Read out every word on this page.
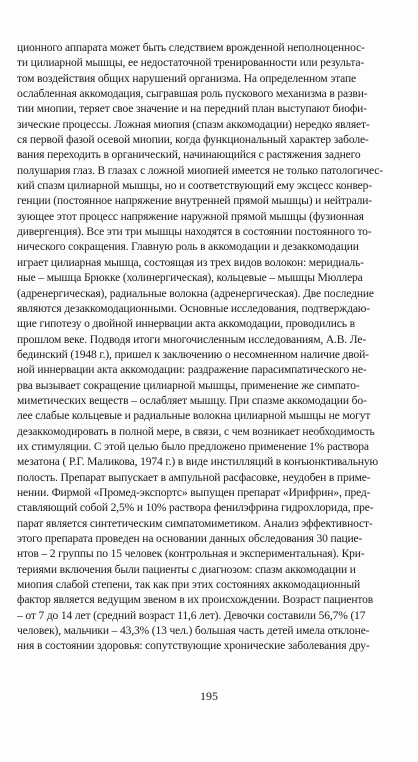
ционного аппарата может быть следствием врожденной неполноценнос-
ти цилиарной мышцы, ее недостаточной тренированности или результа-
том воздействия общих нарушений организма. На определенном этапе
ослабленная аккомодация, сыгравшая роль пускового механизма в разви-
тии миопии, теряет свое значение и на передний план выступают биофи-
зические процессы. Ложная миопия (спазм аккомодации) нередко являет-
ся первой фазой осевой миопии, когда функциональный характер заболе-
вания переходить в органический, начинающийся с растяжения заднего
полушария глаз. В глазах с ложной миопией имеется не только патологичес-
кий спазм цилиарной мышцы, но и соответствующий ему эксцесс конвер-
генции (постоянное напряжение внутренней прямой мышцы) и нейтрали-
зующее этот процесс напряжение наружной прямой мышцы (фузионная
дивергенция). Все эти три мышцы находятся в состоянии постоянного то-
нического сокращения. Главную роль в аккомодации и дезаккомодации
играет цилиарная мышца, состоящая из трех видов волокон: меридиаль-
ные – мышца Брюкке (холинергическая), кольцевые – мышцы Мюллера
(адренергическая), радиальные волокна (адренергическая). Две последние
являются дезаккомодационными. Основные исследования, подтверждаю-
щие гипотезу о двойной иннервации акта аккомодации, проводились в
прошлом веке. Подводя итоги многочисленным исследованиям, А.В. Ле-
бединский (1948 г.), пришел к заключению о несомненном наличие двой-
ной иннервации акта аккомодации: раздражение парасимпатического не-
рва вызывает сокращение цилиарной мышцы, применение же симпато-
миметических веществ – ослабляет мышцу. При спазме аккомодации бо-
лее слабые кольцевые и радиальные волокна цилиарной мышцы не могут
дезаккомодировать в полной мере, в связи, с чем возникает необходимость
их стимуляции. С этой целью было предложено применение 1% раствора
мезатона ( Р.Г. Маликова, 1974 г.) в виде инстилляций в конъюнктивальную
полость. Препарат выпускает в ампульной расфасовке, неудобен в приме-
нении. Фирмой «Промед-экспортс» выпущен препарат «Ирифрин», пред-
ставляющий собой 2,5% и 10% раствора фенилэфрина гидрохлорида, пре-
парат является синтетическим симпатомиметиком. Анализ эффективност-
этого препарата проведен на основании данных обследования 30 пацие-
нтов – 2 группы по 15 человек (контрольная и экспериментальная). Кри-
териями включения были пациенты с диагнозом: спазм аккомодации и
миопия слабой степени, так как при этих состояниях аккомодационный
фактор является ведущим звеном в их происхождении. Возраст пациентов
– от 7 до 14 лет (средний возраст 11,6 лет). Девочки составили 56,7% (17
человек), мальчики – 43,3% (13 чел.) большая часть детей имела отклоне-
ния в состоянии здоровья: сопутствующие хронические заболевания дру-
195
